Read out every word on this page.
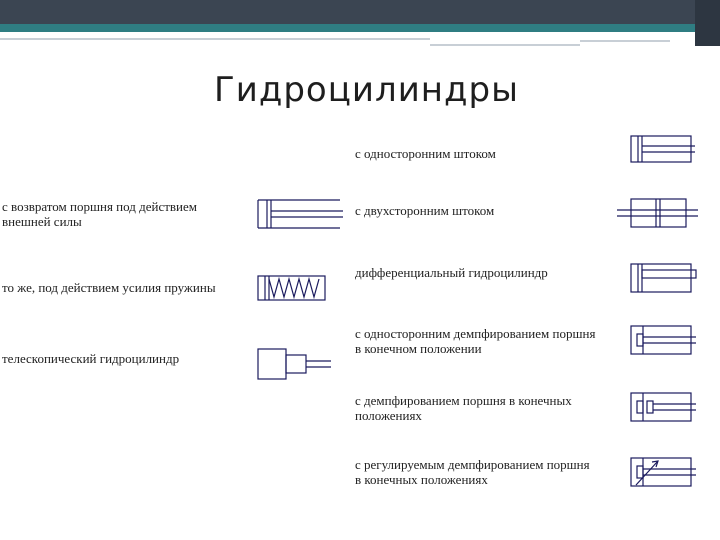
Гидроцилиндры
с возвратом поршня под действием
внешней силы
то же, под действием усилия пружины
телескопический гидроцилиндр
с односторонним штоком
с двухсторонним штоком
дифференциальный гидроцилиндр
с односторонним демпфированием поршня
в конечном положении
с демпфированием поршня в конечных
положениях
с регулируемым демпфированием поршня
в конечных положениях
